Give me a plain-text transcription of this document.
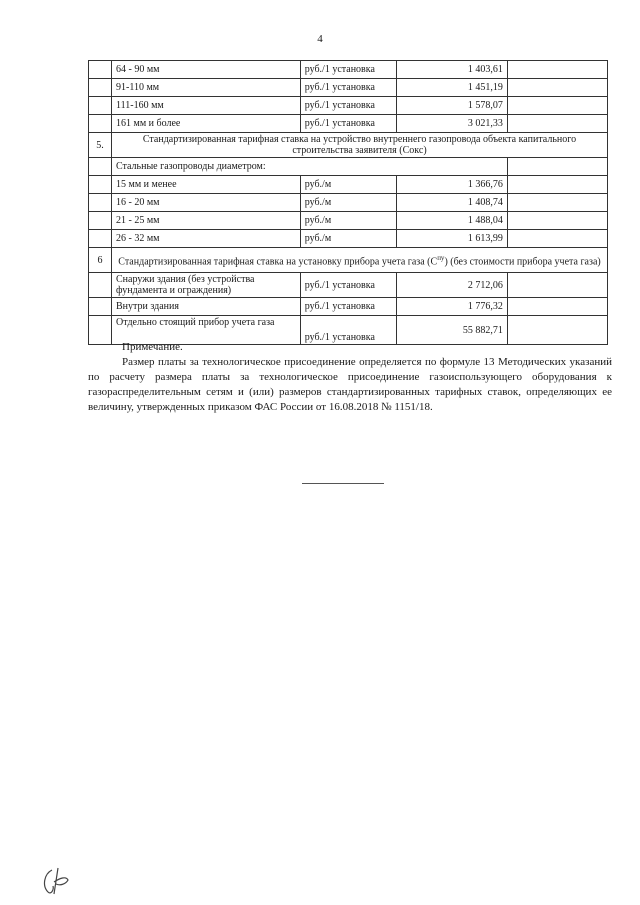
4
	64 - 90 мм	руб./1 установка	1 403,61	
	91-110 мм	руб./1 установка	1 451,19	
	111-160 мм	руб./1 установка	1 578,07	
	161 мм и более	руб./1 установка	3 021,33	
5.	Стандартизированная тарифная ставка на устройство внутреннего газопровода объекта капитального строительства заявителя (Сокс)			
	Стальные газопроводы диаметром:			
	15 мм и менее	руб./м	1 366,76	
	16 - 20 мм	руб./м	1 408,74	
	21 - 25 мм	руб./м	1 488,04	
	26 - 32 мм	руб./м	1 613,99	
6	Стандартизированная тарифная ставка на установку прибора учета газа $(С^{пу})$ (без стоимости прибора учета газа)			
	Снаружи здания (без устройства фундамента и ограждения)	руб./1 установка	2 712,06	
	Внутри здания	руб./1 установка	1 776,32	
	Отдельно стоящий прибор учета газа	руб./1 установка	55 882,71	

Примечание.

Размер платы за технологическое присоединение определяется по формуле 13 Методических указаний по расчету размера платы за технологическое присоединение газоиспользующего оборудования к газораспределительным сетям и (или) размеров стандартизированных тарифных ставок, определяющих ее величину, утвержденных приказом ФАС России от 16.08.2018 № 1151/18.
